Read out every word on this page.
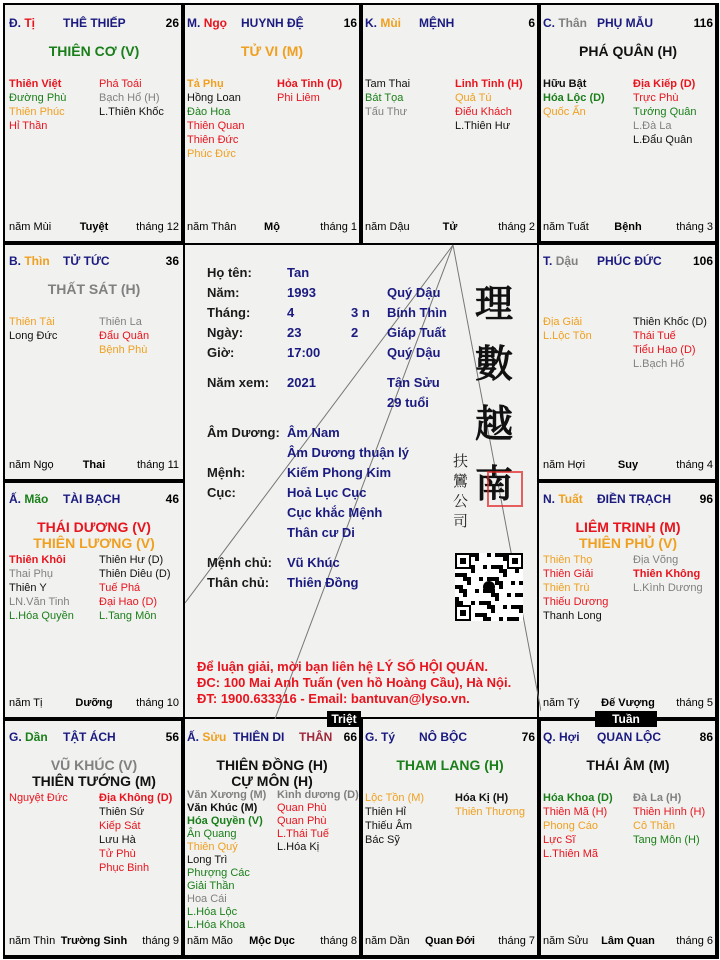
Đ. Tị THÊ THIẾP	26
THIÊN CƠ (V)
Thiên Việt
Đường Phù
Thiên Phúc
Hỉ Thần
Phá Toái
Bạch Hổ (H)
L.Thiên Khốc
năm Mùi	Tuyệt	tháng 12
M. Ngọ HUYNH ĐỆ	16
TỬ VI (M)
Tả Phụ
Hồng Loan
Đào Hoa
Thiên Quan
Thiên Đức
Phúc Đức
Hỏa Tinh (D)
Phi Liêm
năm Thân	Mộ	tháng 1
K. Mùi MỆNH	6
Tam Thai
Bát Tọa
Tấu Thư
Linh Tinh (H)
Quả Tú
Điếu Khách
L.Thiên Hư
năm Dậu	Tử	tháng 2
C. Thân PHỤ MẪU	116
PHÁ QUÂN (H)
Hữu Bật
Hóa Lộc (D)
Quốc Ấn
Địa Kiếp (D)
Trực Phù
Tướng Quân
L.Đà La
L.Đẩu Quân
năm Tuất	Bệnh	tháng 3
B. Thìn TỬ TỨC	36
THẤT SÁT (H)
Thiên Tài
Long Đức
Thiên La
Đẩu Quân
Bệnh Phù
năm Ngọ	Thai	tháng 11
T. Dậu PHÚC ĐỨC	106
Địa Giải
L.Lộc Tồn
Thiên Khốc (D)
Thái Tuế
Tiểu Hao (D)
L.Bạch Hổ
năm Hợi	Suy	tháng 4
Ấ. Mão TÀI BẠCH	46
THÁI DƯƠNG (V)
THIÊN LƯƠNG (V)
Thiên Khôi
Thai Phụ
Thiên Y
LN.Văn Tinh
L.Hóa Quyền
Thiên Hư (D)
Thiên Diêu (D)
Tuế Phá
Đại Hao (D)
L.Tang Môn
năm Tị	Dưỡng	tháng 10
N. Tuất ĐIỀN TRẠCH 96
LIÊM TRINH (M)
THIÊN PHỦ (V)
Thiên Thọ
Thiên Giải
Thiên Trù
Thiếu Dương
Thanh Long
Địa Võng
Thiên Không
L.Kình Dương
năm Tý	Đế Vượng	tháng 5
G. Dần TẬT ÁCH	56
VŨ KHÚC (V)
THIÊN TƯỚNG (M)
Nguyệt Đức	Địa Không (D)
Thiên Sứ
Kiếp Sát
Lưu Hà
Tử Phù
Phục Binh
năm Thìn Trường Sinh	tháng 9
Ấ. Sửu THIÊN DI THÂN 66
THIÊN ĐỒNG (H)
CỰ MÔN (H)
Văn Xương (M)
Văn Khúc (M)
Hóa Quyền (V)
Ân Quang
Thiên Quý
Long Trì
Phượng Các
Giải Thần
Hoa Cái
L.Hóa Lộc
L.Hóa Khoa
Kình dương (D)
Quan Phù
Quan Phù
L.Thái Tuế
L.Hóa Kị
năm Mão	Mộc Dục	tháng 8
G. Tý NÔ BỘC	76
THAM LANG (H)
Lộc Tồn (M)
Thiên Hỉ
Thiếu Âm
Bác Sỹ
Hóa Kị (H)
Thiên Thương
năm Dần	Quan Đới	tháng 7
Q. Hợi QUAN LỘC	86
THÁI ÂM (M)
Hóa Khoa (D)
Thiên Mã (H)
Phong Cáo
Lực Sĩ
L.Thiên Mã
Đà La (H)
Thiên Hình (H)
Cô Thần
Tang Môn (H)
năm Sửu	Lâm Quan	tháng 6
Họ tên:	Tan
Năm:	1993	Quý Dậu
Tháng:	4	3 n Bính Thìn
Ngày:	23	2 Giáp Tuất
Giờ:	17:00	Quý Dậu
Năm xem: 2021	Tân Sửu
29 tuổi
Âm Dương: Âm Nam
Âm Dương thuận lý
Mệnh:	Kiếm Phong Kim
Cục:	Hoả Lục Cục
Cục khắc Mệnh
Thân cư Di
Mệnh chủ: Vũ Khúc
Thân chủ: Thiên Đồng
理
數
越
南
扶
鸞
公
司
Để luận giải, mời bạn liên hệ LÝ SỐ HỘI QUÁN.
ĐC: 100 Mai Anh Tuấn (ven hồ Hoàng Cầu), Hà Nội.
ĐT: 1900.633316 - Email: bantuvan@lyso.vn.
Triệt	Tuần
